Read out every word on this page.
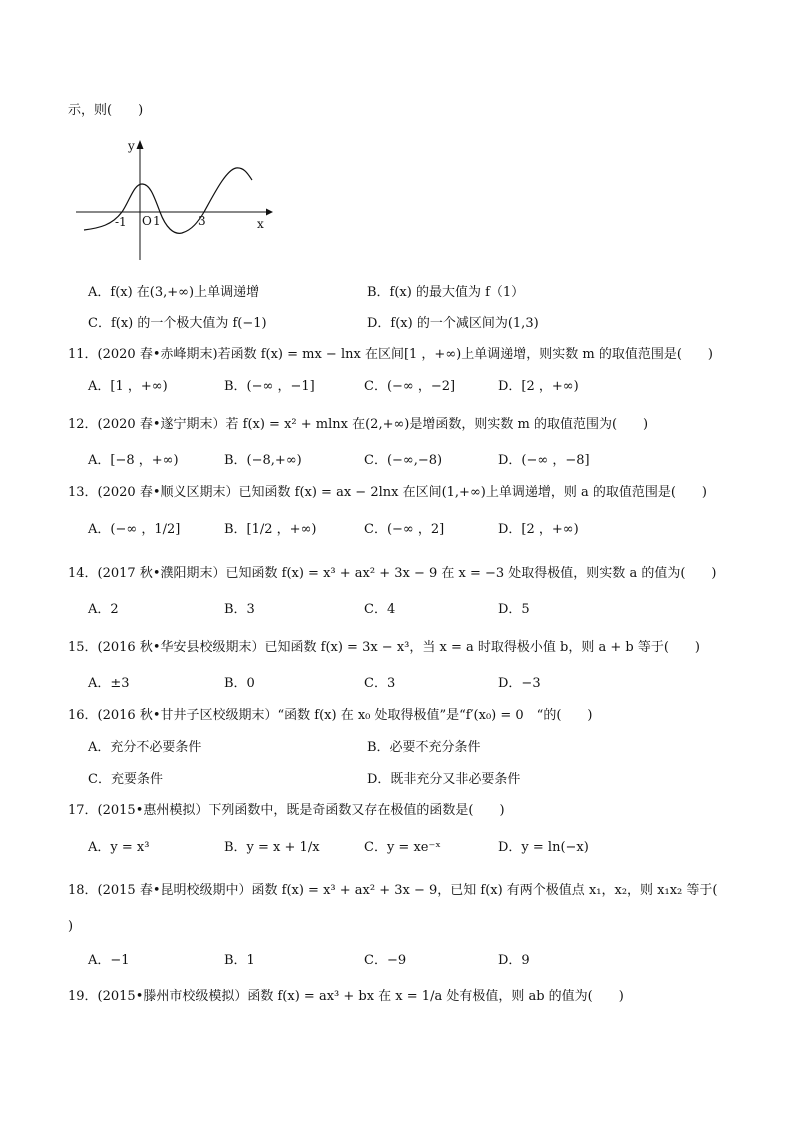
示，则(　　)
y
x
-1 O 1	3
A．f(x) 在(3,+∞)上单调递增	B．f(x) 的最大值为 f（1）
C．f(x) 的一个极大值为 f(−1)	D．f(x) 的一个减区间为(1,3)
11．(2020 春•赤峰期末)若函数 f(x) = mx − lnx 在区间[1 ，+∞)上单调递增，则实数 m 的取值范围是(　　)
A．[1 ，+∞)	B．(−∞ ，−1]	C．(−∞ ，−2]	D．[2 ，+∞)
12．(2020 春•遂宁期末）若 f(x) = x² + mlnx 在(2,+∞)是增函数，则实数 m 的取值范围为(　　)
A．[−8 ，+∞)	B．(−8,+∞)	C．(−∞,−8)	D．(−∞ ，−8]
13．(2020 春•顺义区期末）已知函数 f(x) = ax − 2lnx 在区间(1,+∞)上单调递增，则 a 的取值范围是(　　)
A．(−∞ ，1/2]	B．[1/2 ，+∞)	C．(−∞ ，2]	D．[2 ，+∞)
14．(2017 秋•濮阳期末）已知函数 f(x) = x³ + ax² + 3x − 9 在 x = −3 处取得极值，则实数 a 的值为(　　)
A．2	B．3	C．4	D．5
15．(2016 秋•华安县校级期末）已知函数 f(x) = 3x − x³，当 x = a 时取得极小值 b，则 a + b 等于(　　)
A．±3	B．0	C．3	D．−3
16．(2016 秋•甘井子区校级期末）“函数 f(x) 在 x₀ 处取得极值”是“f′(x₀) = 0　“的(　　)
A．充分不必要条件	B．必要不充分条件
C．充要条件	D．既非充分又非必要条件
17．(2015•惠州模拟）下列函数中，既是奇函数又存在极值的函数是(　　)
A．y = x³	B．y = x + 1/x	C．y = xe⁻ˣ	D．y = ln(−x)
18．(2015 春•昆明校级期中）函数 f(x) = x³ + ax² + 3x − 9，已知 f(x) 有两个极值点 x₁，x₂，则 x₁x₂ 等于(
)
A．−1	B．1	C．−9	D．9
19．(2015•滕州市校级模拟）函数 f(x) = ax³ + bx 在 x = 1/a 处有极值，则 ab 的值为(　　)
